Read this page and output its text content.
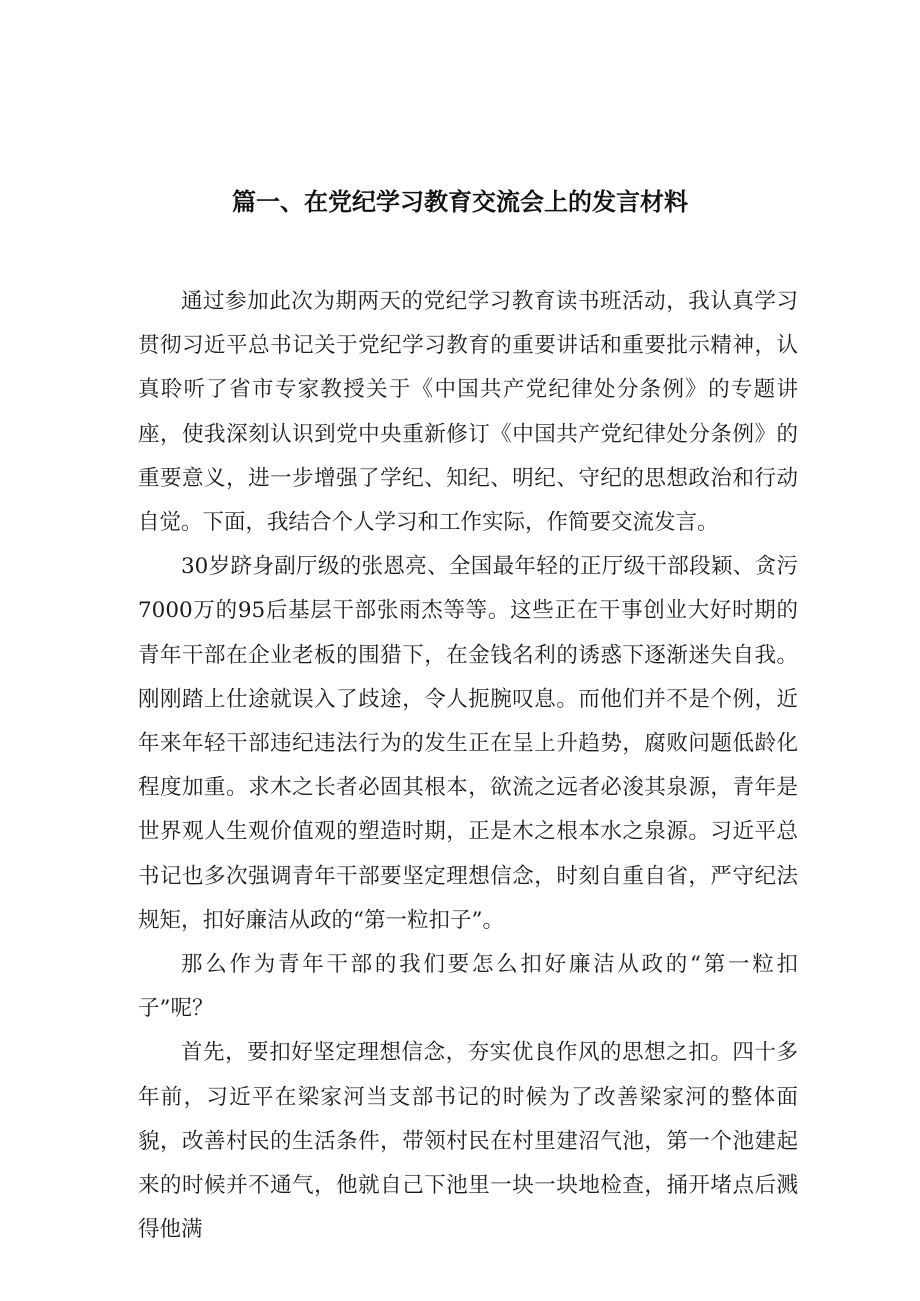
篇一、在党纪学习教育交流会上的发言材料

通过参加此次为期两天的党纪学习教育读书班活动，我认真学习贯彻习近平总书记关于党纪学习教育的重要讲话和重要批示精神，认真聆听了省市专家教授关于《中国共产党纪律处分条例》的专题讲座，使我深刻认识到党中央重新修订《中国共产党纪律处分条例》的重要意义，进一步增强了学纪、知纪、明纪、守纪的思想政治和行动自觉。下面，我结合个人学习和工作实际，作简要交流发言。

30岁跻身副厅级的张恩亮、全国最年轻的正厅级干部段颖、贪污7000万的95后基层干部张雨杰等等。这些正在干事创业大好时期的青年干部在企业老板的围猎下，在金钱名利的诱惑下逐渐迷失自我。刚刚踏上仕途就误入了歧途，令人扼腕叹息。而他们并不是个例，近年来年轻干部违纪违法行为的发生正在呈上升趋势，腐败问题低龄化程度加重。求木之长者必固其根本，欲流之远者必浚其泉源，青年是世界观人生观价值观的塑造时期，正是木之根本水之泉源。习近平总书记也多次强调青年干部要坚定理想信念，时刻自重自省，严守纪法规矩，扣好廉洁从政的“第一粒扣子”。

那么作为青年干部的我们要怎么扣好廉洁从政的“第一粒扣子”呢？

首先，要扣好坚定理想信念，夯实优良作风的思想之扣。四十多年前，习近平在梁家河当支部书记的时候为了改善梁家河的整体面貌，改善村民的生活条件，带领村民在村里建沼气池，第一个池建起来的时候并不通气，他就自己下池里一块一块地检查，捅开堵点后溅得他满
